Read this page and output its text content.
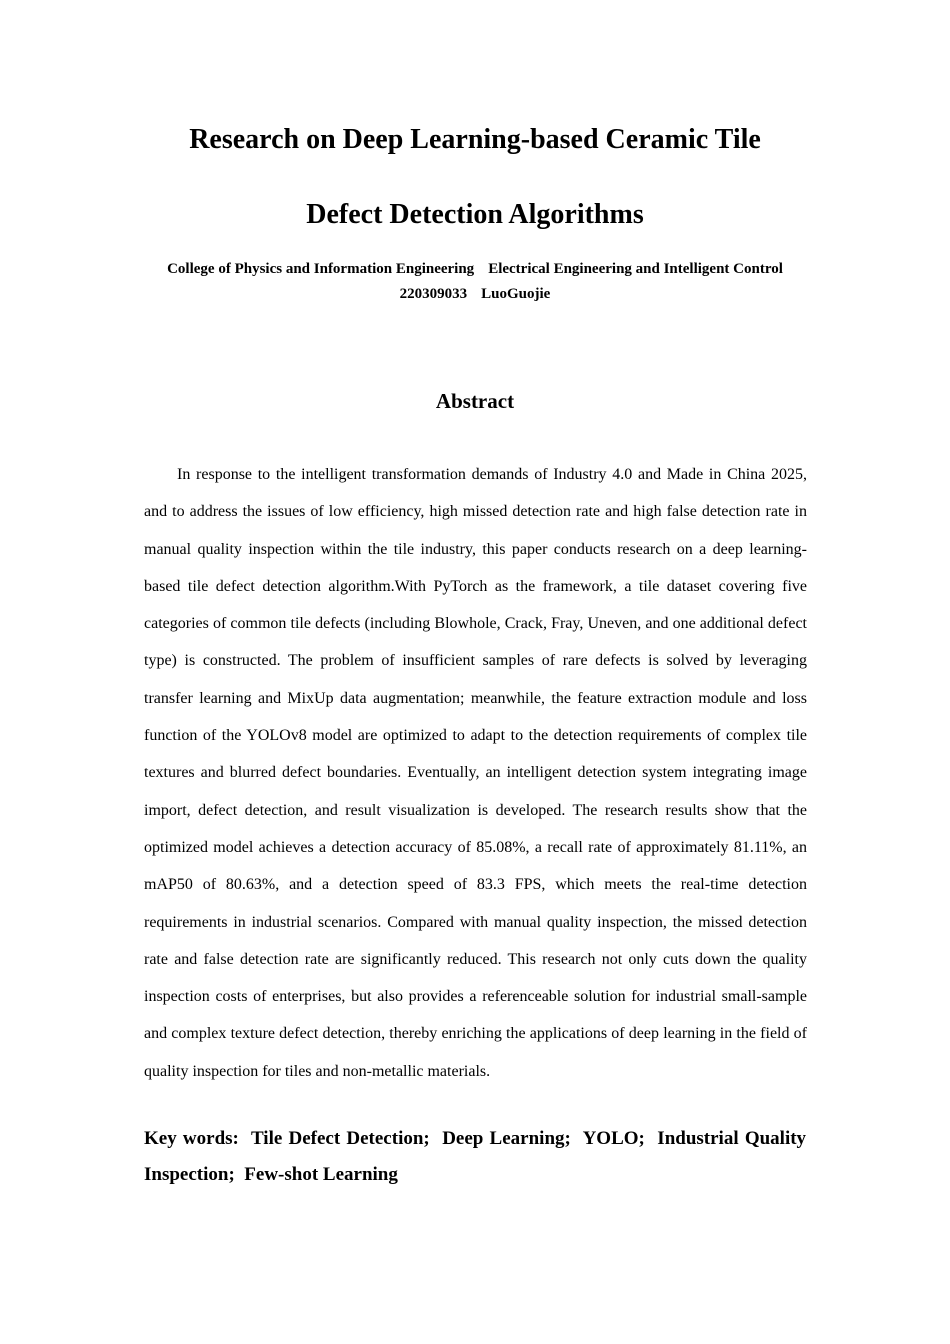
Research on Deep Learning-based Ceramic Tile
Defect Detection Algorithms
College of Physics and Information Engineering Electrical Engineering and Intelligent Control
220309033 LuoGuojie
Abstract

In response to the intelligent transformation demands of Industry 4.0 and Made in China 2025, and to address the issues of low efficiency, high missed detection rate and high false detection rate in manual quality inspection within the tile industry, this paper conducts research on a deep learning-based tile defect detection algorithm.With PyTorch as the framework, a tile dataset covering five categories of common tile defects (including Blowhole, Crack, Fray, Uneven, and one additional defect type) is constructed. The problem of insufficient samples of rare defects is solved by leveraging transfer learning and MixUp data augmentation; meanwhile, the feature extraction module and loss function of the YOLOv8 model are optimized to adapt to the detection requirements of complex tile textures and blurred defect boundaries. Eventually, an intelligent detection system integrating image import, defect detection, and result visualization is developed. The research results show that the optimized model achieves a detection accuracy of 85.08%, a recall rate of approximately 81.11%, an mAP50 of 80.63%, and a detection speed of 83.3 FPS, which meets the real-time detection requirements in industrial scenarios. Compared with manual quality inspection, the missed detection rate and false detection rate are significantly reduced. This research not only cuts down the quality inspection costs of enterprises, but also provides a referenceable solution for industrial small-sample and complex texture defect detection, thereby enriching the applications of deep learning in the field of quality inspection for tiles and non-metallic materials.

Key words: Tile Defect Detection; Deep Learning; YOLO; Industrial Quality Inspection; Few-shot Learning
